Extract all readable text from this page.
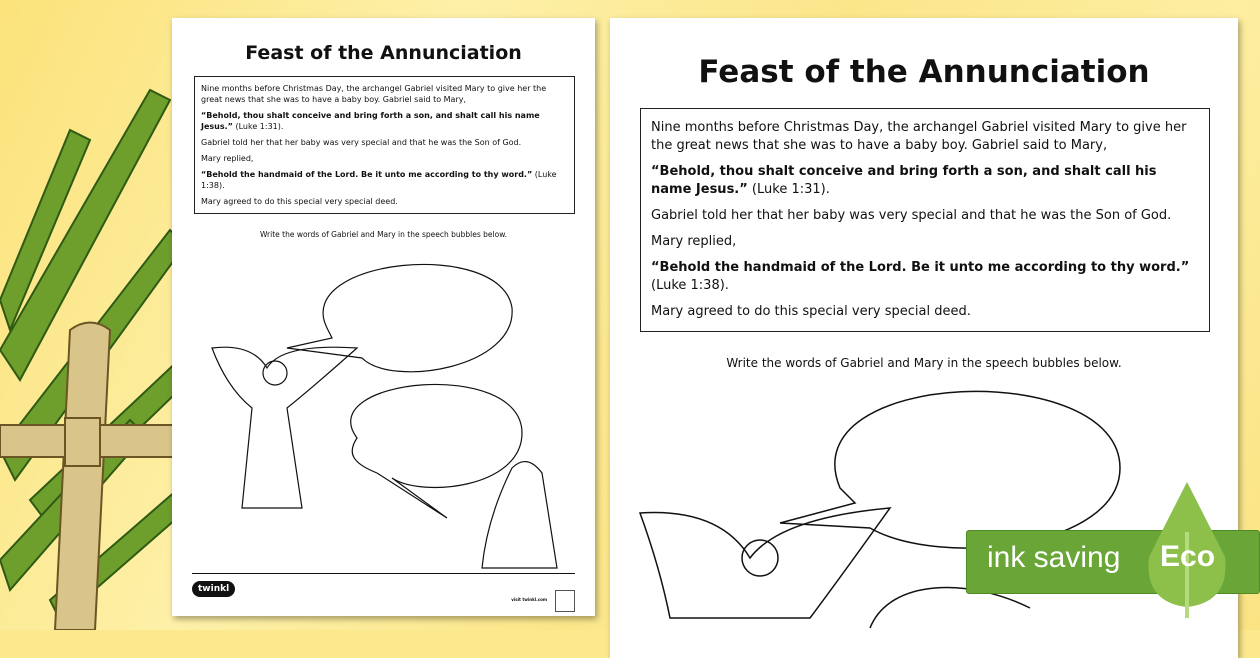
Feast of the Annunciation

Nine months before Christmas Day, the archangel Gabriel visited Mary to give her the great news that she was to have a baby boy. Gabriel said to Mary,

“Behold, thou shalt conceive and bring forth a son, and shalt call his name Jesus.” (Luke 1:31).

Gabriel told her that her baby was very special and that he was the Son of God.

Mary replied,

“Behold the handmaid of the Lord. Be it unto me according to thy word.” (Luke 1:38).

Mary agreed to do this special very special deed.

Write the words of Gabriel and Mary in the speech bubbles below.
twinkl
visit twinkl.com
Feast of the Annunciation

Nine months before Christmas Day, the archangel Gabriel visited Mary to give her the great news that she was to have a baby boy. Gabriel said to Mary,

“Behold, thou shalt conceive and bring forth a son, and shalt call his name Jesus.” (Luke 1:31).

Gabriel told her that her baby was very special and that he was the Son of God.

Mary replied,

“Behold the handmaid of the Lord. Be it unto me according to thy word.” (Luke 1:38).

Mary agreed to do this special very special deed.

Write the words of Gabriel and Mary in the speech bubbles below.
ink saving Eco
